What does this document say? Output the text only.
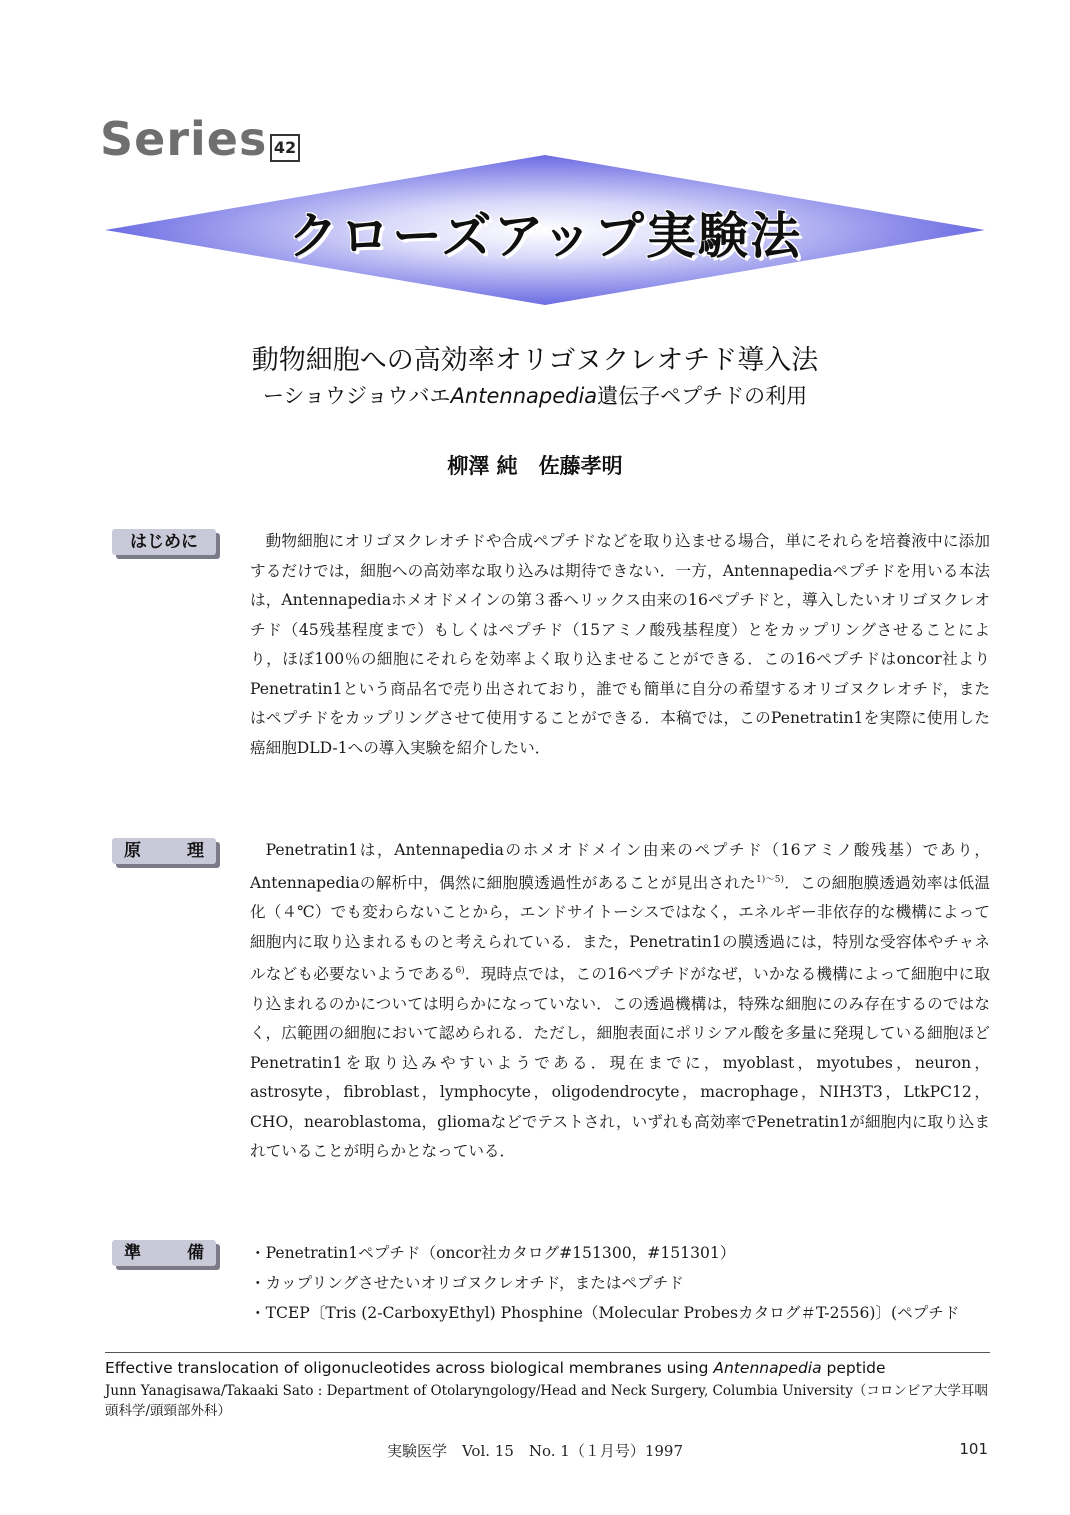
Series 42
クローズアップ実験法
動物細胞への高効率オリゴヌクレオチド導入法
ーショウジョウバエAntennapedia遺伝子ペプチドの利用
柳澤 純　佐藤孝明
はじめに	動物細胞にオリゴヌクレオチドや合成ペプチドなどを取り込ませる場合，単にそれらを培養液中に添加するだけでは，細胞への高効率な取り込みは期待できない．一方，Antennapediaペプチドを用いる本法は，Antennapediaホメオドメインの第３番ヘリックス由来の16ペプチドと，導入したいオリゴヌクレオチド（45残基程度まで）もしくはペプチド（15アミノ酸残基程度）とをカップリングさせることにより，ほぼ100％の細胞にそれらを効率よく取り込ませることができる．この16ペプチドはoncor社よりPenetratin1という商品名で売り出されており，誰でも簡単に自分の希望するオリゴヌクレオチド，またはペプチドをカップリングさせて使用することができる．本稿では，このPenetratin1を実際に使用した癌細胞DLD-1への導入実験を紹介したい．

原	理	Penetratin1は，Antennapediaのホメオドメイン由来のペプチド（16アミノ酸残基）であり，Antennapediaの解析中，偶然に細胞膜透過性があることが見出された$^{1)〜5)}$．この細胞膜透過効率は低温化（４℃）でも変わらないことから，エンドサイトーシスではなく，エネルギー非依存的な機構によって細胞内に取り込まれるものと考えられている．また，Penetratin1の膜透過には，特別な受容体やチャネルなども必要ないようである$^{6)}$．現時点では，この16ペプチドがなぜ，いかなる機構によって細胞中に取り込まれるのかについては明らかになっていない．この透過機構は，特殊な細胞にのみ存在するのではなく，広範囲の細胞において認められる．ただし，細胞表面にポリシアル酸を多量に発現している細胞ほどPenetratin1を取り込みやすいようである．現在までに，myoblast，myotubes，neuron，astrosyte，fibroblast，lymphocyte，oligodendrocyte，macrophage，NIH3T3，LtkPC12，CHO，nearoblastoma，gliomaなどでテストされ，いずれも高効率でPenetratin1が細胞内に取り込まれていることが明らかとなっている．

準	備	・Penetratin1ペプチド（oncor社カタログ#151300，#151301）
・カップリングさせたいオリゴヌクレオチド，またはペプチド
・TCEP〔Tris (2-CarboxyEthyl) Phosphine（Molecular Probesカタログ＃T-2556)〕(ペプチド
Effective translocation of oligonucleotides across biological membranes using Antennapedia peptide
Junn Yanagisawa/Takaaki Sato : Department of Otolaryngology/Head and Neck Surgery, Columbia University（コロンビア大学耳咽頭科学/頭頸部外科）
実験医学　Vol. 15　No. 1（１月号）1997	101
